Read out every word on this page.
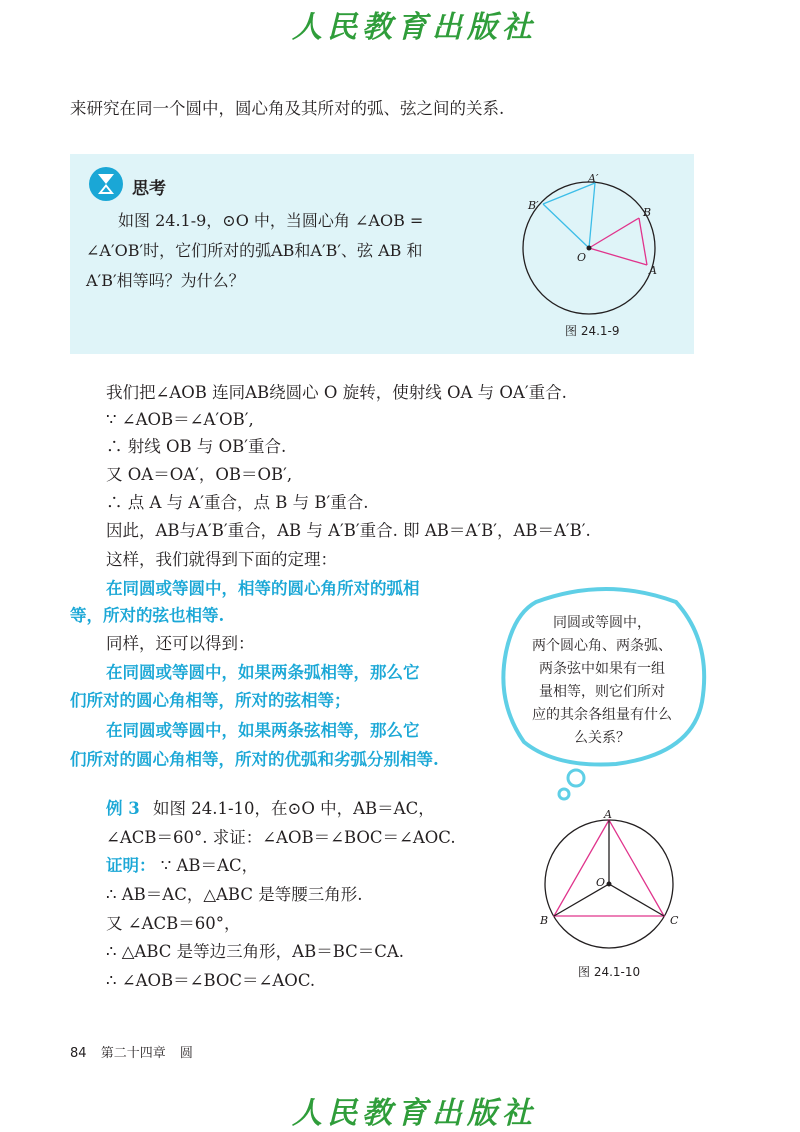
人民教育出版社
来研究在同一个圆中，圆心角及其所对的弧、弦之间的关系.
思考
如图 24.1-9，⊙O 中，当圆心角 ∠AOB =
∠A′OB′时，它们所对的弧AB和A′B′、弦 AB 和
A′B′相等吗？为什么？
A′
B′
B
A
O
图 24.1-9
我们把∠AOB 连同AB绕圆心 O 旋转，使射线 OA 与 OA′重合.
∵ ∠AOB＝∠A′OB′,
∴ 射线 OB 与 OB′重合.
又 OA＝OA′，OB＝OB′,
∴ 点 A 与 A′重合，点 B 与 B′重合.
因此，AB与A′B′重合，AB 与 A′B′重合. 即 AB＝A′B′，AB＝A′B′.
这样，我们就得到下面的定理：
在同圆或等圆中，相等的圆心角所对的弧相
等，所对的弦也相等.
同样，还可以得到：
在同圆或等圆中，如果两条弧相等，那么它
们所对的圆心角相等，所对的弦相等；
在同圆或等圆中，如果两条弦相等，那么它
们所对的圆心角相等，所对的优弧和劣弧分别相等.
同圆或等圆中，
两个圆心角、两条弧、
两条弦中如果有一组
量相等，则它们所对
应的其余各组量有什么
么关系？
例 3 如图 24.1-10，在⊙O 中，AB＝AC，
∠ACB＝60°. 求证：∠AOB＝∠BOC＝∠AOC.
证明： ∵ AB＝AC，
∴ AB＝AC，△ABC 是等腰三角形.
又 ∠ACB＝60°，
∴ △ABC 是等边三角形，AB＝BC＝CA.
∴ ∠AOB＝∠BOC＝∠AOC.
A
B	C
O
图 24.1-10
84 第二十四章 圆
人民教育出版社
